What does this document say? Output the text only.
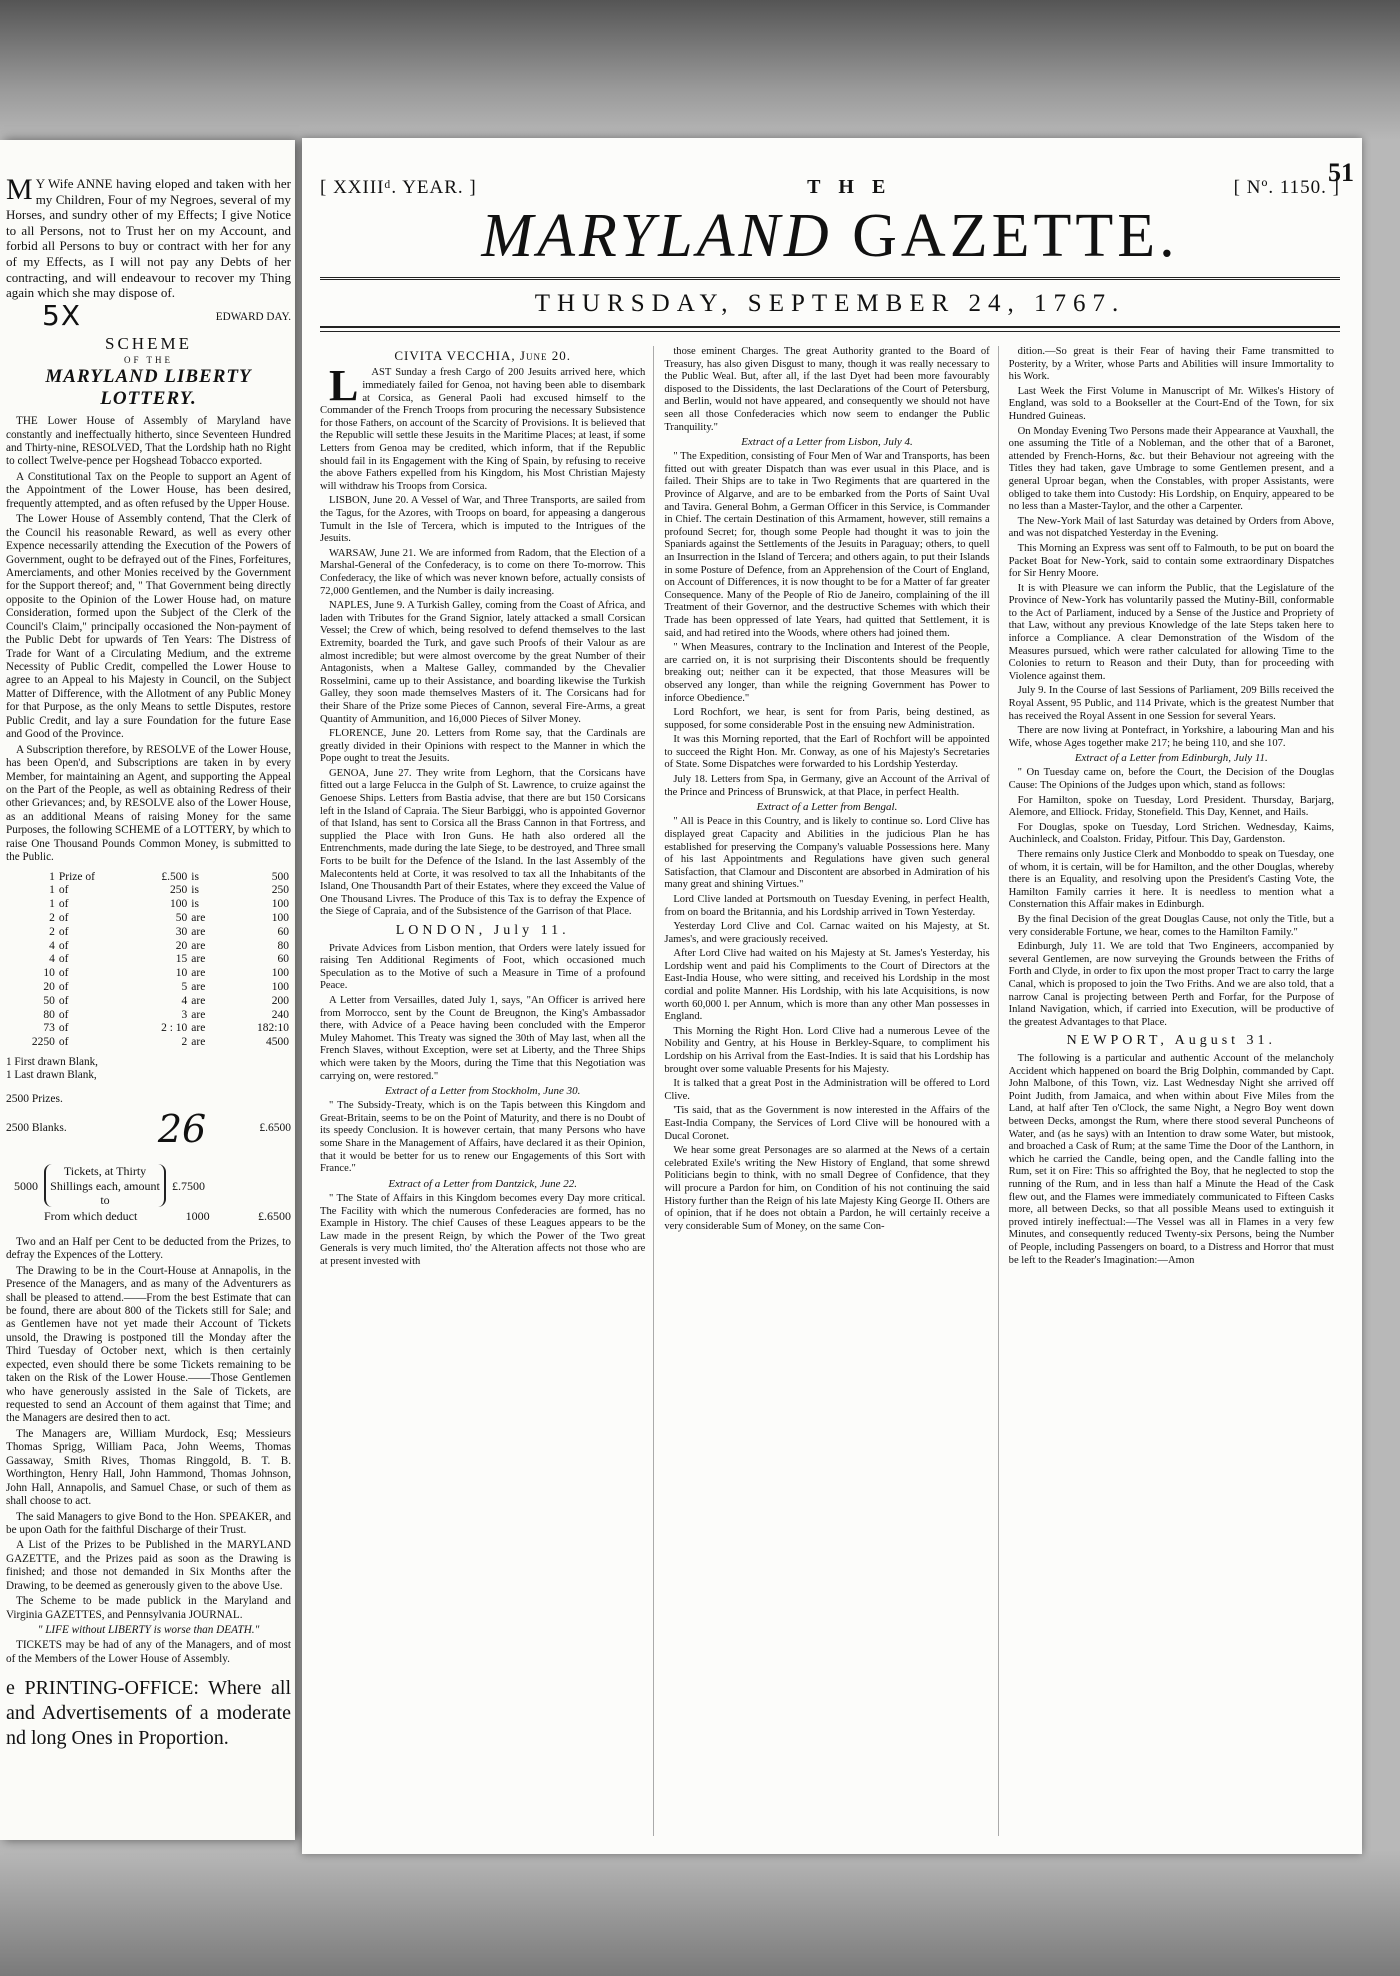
MY Wife ANNE having eloped and taken with her my Children, Four of my Negroes, several of my Horses, and sundry other of my Effects; I give Notice to all Persons, not to Trust her on my Account, and forbid all Persons to buy or contract with her for any of my Effects, as I will not pay any Debts of her contracting, and will endeavour to recover my Thing again which she may dispose of.

5X	EDWARD DAY.
SCHEME
OF THE
MARYLAND LIBERTY LOTTERY.

THE Lower House of Assembly of Maryland have constantly and ineffectually hitherto, since Seventeen Hundred and Thirty-nine, RESOLVED, That the Lordship hath no Right to collect Twelve-pence per Hogshead Tobacco exported.

A Constitutional Tax on the People to support an Agent of the Appointment of the Lower House, has been desired, frequently attempted, and as often refused by the Upper House.

The Lower House of Assembly contend, That the Clerk of the Council his reasonable Reward, as well as every other Expence necessarily attending the Execution of the Powers of Government, ought to be defrayed out of the Fines, Forfeitures, Amerciaments, and other Monies received by the Government for the Support thereof; and, " That Government being directly opposite to the Opinion of the Lower House had, on mature Consideration, formed upon the Subject of the Clerk of the Council's Claim," principally occasioned the Non-payment of the Public Debt for upwards of Ten Years: The Distress of Trade for Want of a Circulating Medium, and the extreme Necessity of Public Credit, compelled the Lower House to agree to an Appeal to his Majesty in Council, on the Subject Matter of Difference, with the Allotment of any Public Money for that Purpose, as the only Means to settle Disputes, restore Public Credit, and lay a sure Foundation for the future Ease and Good of the Province.

A Subscription therefore, by RESOLVE of the Lower House, has been Open'd, and Subscriptions are taken in by every Member, for maintaining an Agent, and supporting the Appeal on the Part of the People, as well as obtaining Redress of their other Grievances; and, by RESOLVE also of the Lower House, as an additional Means of raising Money for the same Purposes, the following SCHEME of a LOTTERY, by which to raise One Thousand Pounds Common Money, is submitted to the Public.

1	Prize of	£.500	is	500
1	of	250	is	250
1	of	100	is	100
2	of	50	are	100
2	of	30	are	60
4	of	20	are	80
4	of	15	are	60
10	of	10	are	100
20	of	5	are	100
50	of	4	are	200
80	of	3	are	240
73	of	2 : 10	are	182:10
2250	of	2	are	4500
1 First drawn Blank,
1 Last drawn Blank,
2500 Prizes.
2500 Blanks. 26	£.6500
5000
Tickets, at Thirty Shillings each, amount to
£.7500
From which deduct	1000	£.6500

Two and an Half per Cent to be deducted from the Prizes, to defray the Expences of the Lottery.

The Drawing to be in the Court-House at Annapolis, in the Presence of the Managers, and as many of the Adventurers as shall be pleased to attend.——From the best Estimate that can be found, there are about 800 of the Tickets still for Sale; and as Gentlemen have not yet made their Account of Tickets unsold, the Drawing is postponed till the Monday after the Third Tuesday of October next, which is then certainly expected, even should there be some Tickets remaining to be taken on the Risk of the Lower House.——Those Gentlemen who have generously assisted in the Sale of Tickets, are requested to send an Account of them against that Time; and the Managers are desired then to act.

The Managers are, William Murdock, Esq; Messieurs Thomas Sprigg, William Paca, John Weems, Thomas Gassaway, Smith Rives, Thomas Ringgold, B. T. B. Worthington, Henry Hall, John Hammond, Thomas Johnson, John Hall, Annapolis, and Samuel Chase, or such of them as shall choose to act.

The said Managers to give Bond to the Hon. SPEAKER, and be upon Oath for the faithful Discharge of their Trust.

A List of the Prizes to be Published in the MARYLAND GAZETTE, and the Prizes paid as soon as the Drawing is finished; and those not demanded in Six Months after the Drawing, to be deemed as generously given to the above Use.

The Scheme to be made publick in the Maryland and Virginia GAZETTES, and Pennsylvania JOURNAL.

" LIFE without LIBERTY is worse than DEATH."

TICKETS may be had of any of the Managers, and of most of the Members of the Lower House of Assembly.

e PRINTING-OFFICE: Where all and Advertisements of a moderate nd long Ones in Proportion.
51
[ XXIIIᵈ. YEAR. ]	THE	[ Nº. 1150. ]
MARYLAND GAZETTE.
THURSDAY, SEPTEMBER 24, 1767.
CIVITA VECCHIA, June 20.

LAST Sunday a fresh Cargo of 200 Jesuits arrived here, which immediately failed for Genoa, not having been able to disembark at Corsica, as General Paoli had excused himself to the Commander of the French Troops from procuring the necessary Subsistence for those Fathers, on account of the Scarcity of Provisions. It is believed that the Republic will settle these Jesuits in the Maritime Places; at least, if some Letters from Genoa may be credited, which inform, that if the Republic should fail in its Engagement with the King of Spain, by refusing to receive the above Fathers expelled from his Kingdom, his Most Christian Majesty will withdraw his Troops from Corsica.

LISBON, June 20. A Vessel of War, and Three Transports, are sailed from the Tagus, for the Azores, with Troops on board, for appeasing a dangerous Tumult in the Isle of Tercera, which is imputed to the Intrigues of the Jesuits.

WARSAW, June 21. We are informed from Radom, that the Election of a Marshal-General of the Confederacy, is to come on there To-morrow. This Confederacy, the like of which was never known before, actually consists of 72,000 Gentlemen, and the Number is daily increasing.

NAPLES, June 9. A Turkish Galley, coming from the Coast of Africa, and laden with Tributes for the Grand Signior, lately attacked a small Corsican Vessel; the Crew of which, being resolved to defend themselves to the last Extremity, boarded the Turk, and gave such Proofs of their Valour as are almost incredible; but were almost overcome by the great Number of their Antagonists, when a Maltese Galley, commanded by the Chevalier Rosselmini, came up to their Assistance, and boarding likewise the Turkish Galley, they soon made themselves Masters of it. The Corsicans had for their Share of the Prize some Pieces of Cannon, several Fire-Arms, a great Quantity of Ammunition, and 16,000 Pieces of Silver Money.

FLORENCE, June 20. Letters from Rome say, that the Cardinals are greatly divided in their Opinions with respect to the Manner in which the Pope ought to treat the Jesuits.

GENOA, June 27. They write from Leghorn, that the Corsicans have fitted out a large Felucca in the Gulph of St. Lawrence, to cruize against the Genoese Ships. Letters from Bastia advise, that there are but 150 Corsicans left in the Island of Capraia. The Sieur Barbiggi, who is appointed Governor of that Island, has sent to Corsica all the Brass Cannon in that Fortress, and supplied the Place with Iron Guns. He hath also ordered all the Entrenchments, made during the late Siege, to be destroyed, and Three small Forts to be built for the Defence of the Island. In the last Assembly of the Malecontents held at Corte, it was resolved to tax all the Inhabitants of the Island, One Thousandth Part of their Estates, where they exceed the Value of One Thousand Livres. The Produce of this Tax is to defray the Expence of the Siege of Capraia, and of the Subsistence of the Garrison of that Place.

LONDON, July 11.

Private Advices from Lisbon mention, that Orders were lately issued for raising Ten Additional Regiments of Foot, which occasioned much Speculation as to the Motive of such a Measure in Time of a profound Peace.

A Letter from Versailles, dated July 1, says, "An Officer is arrived here from Morrocco, sent by the Count de Breugnon, the King's Ambassador there, with Advice of a Peace having been concluded with the Emperor Muley Mahomet. This Treaty was signed the 30th of May last, when all the French Slaves, without Exception, were set at Liberty, and the Three Ships which were taken by the Moors, during the Time that this Negotiation was carrying on, were restored."

Extract of a Letter from Stockholm, June 30.

" The Subsidy-Treaty, which is on the Tapis between this Kingdom and Great-Britain, seems to be on the Point of Maturity, and there is no Doubt of its speedy Conclusion. It is however certain, that many Persons who have some Share in the Management of Affairs, have declared it as their Opinion, that it would be better for us to renew our Engagements of this Sort with France."

Extract of a Letter from Dantzick, June 22.

" The State of Affairs in this Kingdom becomes every Day more critical. The Facility with which the numerous Confederacies are formed, has no Example in History. The chief Causes of these Leagues appears to be the Law made in the present Reign, by which the Power of the Two great Generals is very much limited, tho' the Alteration affects not those who are at present invested with

those eminent Charges. The great Authority granted to the Board of Treasury, has also given Disgust to many, though it was really necessary to the Public Weal. But, after all, if the last Dyet had been more favourably disposed to the Dissidents, the last Declarations of the Court of Petersburg, and Berlin, would not have appeared, and consequently we should not have seen all those Confederacies which now seem to endanger the Public Tranquility."

Extract of a Letter from Lisbon, July 4.

" The Expedition, consisting of Four Men of War and Transports, has been fitted out with greater Dispatch than was ever usual in this Place, and is failed. Their Ships are to take in Two Regiments that are quartered in the Province of Algarve, and are to be embarked from the Ports of Saint Uval and Tavira. General Bohm, a German Officer in this Service, is Commander in Chief. The certain Destination of this Armament, however, still remains a profound Secret; for, though some People had thought it was to join the Spaniards against the Settlements of the Jesuits in Paraguay; others, to quell an Insurrection in the Island of Tercera; and others again, to put their Islands in some Posture of Defence, from an Apprehension of the Court of England, on Account of Differences, it is now thought to be for a Matter of far greater Consequence. Many of the People of Rio de Janeiro, complaining of the ill Treatment of their Governor, and the destructive Schemes with which their Trade has been oppressed of late Years, had quitted that Settlement, it is said, and had retired into the Woods, where others had joined them.

" When Measures, contrary to the Inclination and Interest of the People, are carried on, it is not surprising their Discontents should be frequently breaking out; neither can it be expected, that those Measures will be observed any longer, than while the reigning Government has Power to inforce Obedience."

Lord Rochfort, we hear, is sent for from Paris, being destined, as supposed, for some considerable Post in the ensuing new Administration.

It was this Morning reported, that the Earl of Rochfort will be appointed to succeed the Right Hon. Mr. Conway, as one of his Majesty's Secretaries of State. Some Dispatches were forwarded to his Lordship Yesterday.

July 18. Letters from Spa, in Germany, give an Account of the Arrival of the Prince and Princess of Brunswick, at that Place, in perfect Health.

Extract of a Letter from Bengal.

" All is Peace in this Country, and is likely to continue so. Lord Clive has displayed great Capacity and Abilities in the judicious Plan he has established for preserving the Company's valuable Possessions here. Many of his last Appointments and Regulations have given such general Satisfaction, that Clamour and Discontent are absorbed in Admiration of his many great and shining Virtues."

Lord Clive landed at Portsmouth on Tuesday Evening, in perfect Health, from on board the Britannia, and his Lordship arrived in Town Yesterday.

Yesterday Lord Clive and Col. Carnac waited on his Majesty, at St. James's, and were graciously received.

After Lord Clive had waited on his Majesty at St. James's Yesterday, his Lordship went and paid his Compliments to the Court of Directors at the East-India House, who were sitting, and received his Lordship in the most cordial and polite Manner. His Lordship, with his late Acquisitions, is now worth 60,000 l. per Annum, which is more than any other Man possesses in England.

This Morning the Right Hon. Lord Clive had a numerous Levee of the Nobility and Gentry, at his House in Berkley-Square, to compliment his Lordship on his Arrival from the East-Indies. It is said that his Lordship has brought over some valuable Presents for his Majesty.

It is talked that a great Post in the Administration will be offered to Lord Clive.

'Tis said, that as the Government is now interested in the Affairs of the East-India Company, the Services of Lord Clive will be honoured with a Ducal Coronet.

We hear some great Personages are so alarmed at the News of a certain celebrated Exile's writing the New History of England, that some shrewd Politicians begin to think, with no small Degree of Confidence, that they will procure a Pardon for him, on Condition of his not continuing the said History further than the Reign of his late Majesty King George II. Others are of opinion, that if he does not obtain a Pardon, he will certainly receive a very considerable Sum of Money, on the same Con-

dition.—So great is their Fear of having their Fame transmitted to Posterity, by a Writer, whose Parts and Abilities will insure Immortality to his Work.

Last Week the First Volume in Manuscript of Mr. Wilkes's History of England, was sold to a Bookseller at the Court-End of the Town, for six Hundred Guineas.

On Monday Evening Two Persons made their Appearance at Vauxhall, the one assuming the Title of a Nobleman, and the other that of a Baronet, attended by French-Horns, &c. but their Behaviour not agreeing with the Titles they had taken, gave Umbrage to some Gentlemen present, and a general Uproar began, when the Constables, with proper Assistants, were obliged to take them into Custody: His Lordship, on Enquiry, appeared to be no less than a Master-Taylor, and the other a Carpenter.

The New-York Mail of last Saturday was detained by Orders from Above, and was not dispatched Yesterday in the Evening.

This Morning an Express was sent off to Falmouth, to be put on board the Packet Boat for New-York, said to contain some extraordinary Dispatches for Sir Henry Moore.

It is with Pleasure we can inform the Public, that the Legislature of the Province of New-York has voluntarily passed the Mutiny-Bill, conformable to the Act of Parliament, induced by a Sense of the Justice and Propriety of that Law, without any previous Knowledge of the late Steps taken here to inforce a Compliance. A clear Demonstration of the Wisdom of the Measures pursued, which were rather calculated for allowing Time to the Colonies to return to Reason and their Duty, than for proceeding with Violence against them.

July 9. In the Course of last Sessions of Parliament, 209 Bills received the Royal Assent, 95 Public, and 114 Private, which is the greatest Number that has received the Royal Assent in one Session for several Years.

There are now living at Pontefract, in Yorkshire, a labouring Man and his Wife, whose Ages together make 217; he being 110, and she 107.

Extract of a Letter from Edinburgh, July 11.

" On Tuesday came on, before the Court, the Decision of the Douglas Cause: The Opinions of the Judges upon which, stand as follows:

For Hamilton, spoke on Tuesday, Lord President. Thursday, Barjarg, Alemore, and Elliock. Friday, Stonefield. This Day, Kennet, and Hails.

For Douglas, spoke on Tuesday, Lord Strichen. Wednesday, Kaims, Auchinleck, and Coalston. Friday, Pitfour. This Day, Gardenston.

There remains only Justice Clerk and Monboddo to speak on Tuesday, one of whom, it is certain, will be for Hamilton, and the other Douglas, whereby there is an Equality, and resolving upon the President's Casting Vote, the Hamilton Family carries it here. It is needless to mention what a Consternation this Affair makes in Edinburgh.

By the final Decision of the great Douglas Cause, not only the Title, but a very considerable Fortune, we hear, comes to the Hamilton Family."

Edinburgh, July 11. We are told that Two Engineers, accompanied by several Gentlemen, are now surveying the Grounds between the Friths of Forth and Clyde, in order to fix upon the most proper Tract to carry the large Canal, which is proposed to join the Two Friths. And we are also told, that a narrow Canal is projecting between Perth and Forfar, for the Purpose of Inland Navigation, which, if carried into Execution, will be productive of the greatest Advantages to that Place.

NEWPORT, August 31.

The following is a particular and authentic Account of the melancholy Accident which happened on board the Brig Dolphin, commanded by Capt. John Malbone, of this Town, viz. Last Wednesday Night she arrived off Point Judith, from Jamaica, and when within about Five Miles from the Land, at half after Ten o'Clock, the same Night, a Negro Boy went down between Decks, amongst the Rum, where there stood several Puncheons of Water, and (as he says) with an Intention to draw some Water, but mistook, and broached a Cask of Rum; at the same Time the Door of the Lanthorn, in which he carried the Candle, being open, and the Candle falling into the Rum, set it on Fire: This so affrighted the Boy, that he neglected to stop the running of the Rum, and in less than half a Minute the Head of the Cask flew out, and the Flames were immediately communicated to Fifteen Casks more, all between Decks, so that all possible Means used to extinguish it proved intirely ineffectual:—The Vessel was all in Flames in a very few Minutes, and consequently reduced Twenty-six Persons, being the Number of People, including Passengers on board, to a Distress and Horror that must be left to the Reader's Imagination:—Amon
